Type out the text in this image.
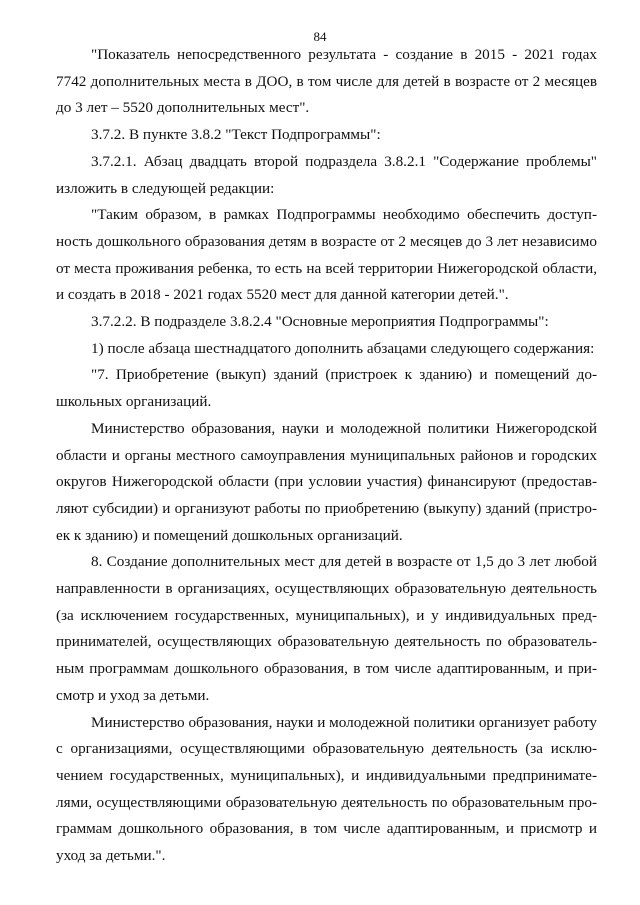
84

"Показатель непосредственного результата - создание в 2015 - 2021 годах 7742 дополнительных места в ДОО, в том числе для детей в возрасте от 2 месяцев до 3 лет – 5520 дополнительных мест".

3.7.2. В пункте 3.8.2 "Текст Подпрограммы":

3.7.2.1. Абзац двадцать второй подраздела 3.8.2.1 "Содержание проблемы" изложить в следующей редакции:

"Таким образом, в рамках Подпрограммы необходимо обеспечить доступность дошкольного образования детям в возрасте от 2 месяцев до 3 лет независимо от места проживания ребенка, то есть на всей территории Нижегородской области, и создать в 2018 - 2021 годах 5520 мест для данной категории детей.".

3.7.2.2. В подразделе 3.8.2.4 "Основные мероприятия Подпрограммы":

1) после абзаца шестнадцатого дополнить абзацами следующего содержания:

"7. Приобретение (выкуп) зданий (пристроек к зданию) и помещений дошкольных организаций.

Министерство образования, науки и молодежной политики Нижегородской области и органы местного самоуправления муниципальных районов и городских округов Нижегородской области (при условии участия) финансируют (предоставляют субсидии) и организуют работы по приобретению (выкупу) зданий (пристроек к зданию) и помещений дошкольных организаций.

8. Создание дополнительных мест для детей в возрасте от 1,5 до 3 лет любой направленности в организациях, осуществляющих образовательную деятельность (за исключением государственных, муниципальных), и у индивидуальных предпринимателей, осуществляющих образовательную деятельность по образовательным программам дошкольного образования, в том числе адаптированным, и присмотр и уход за детьми.

Министерство образования, науки и молодежной политики организует работу с организациями, осуществляющими образовательную деятельность (за исключением государственных, муниципальных), и индивидуальными предпринимателями, осуществляющими образовательную деятельность по образовательным программам дошкольного образования, в том числе адаптированным, и присмотр и уход за детьми.".
